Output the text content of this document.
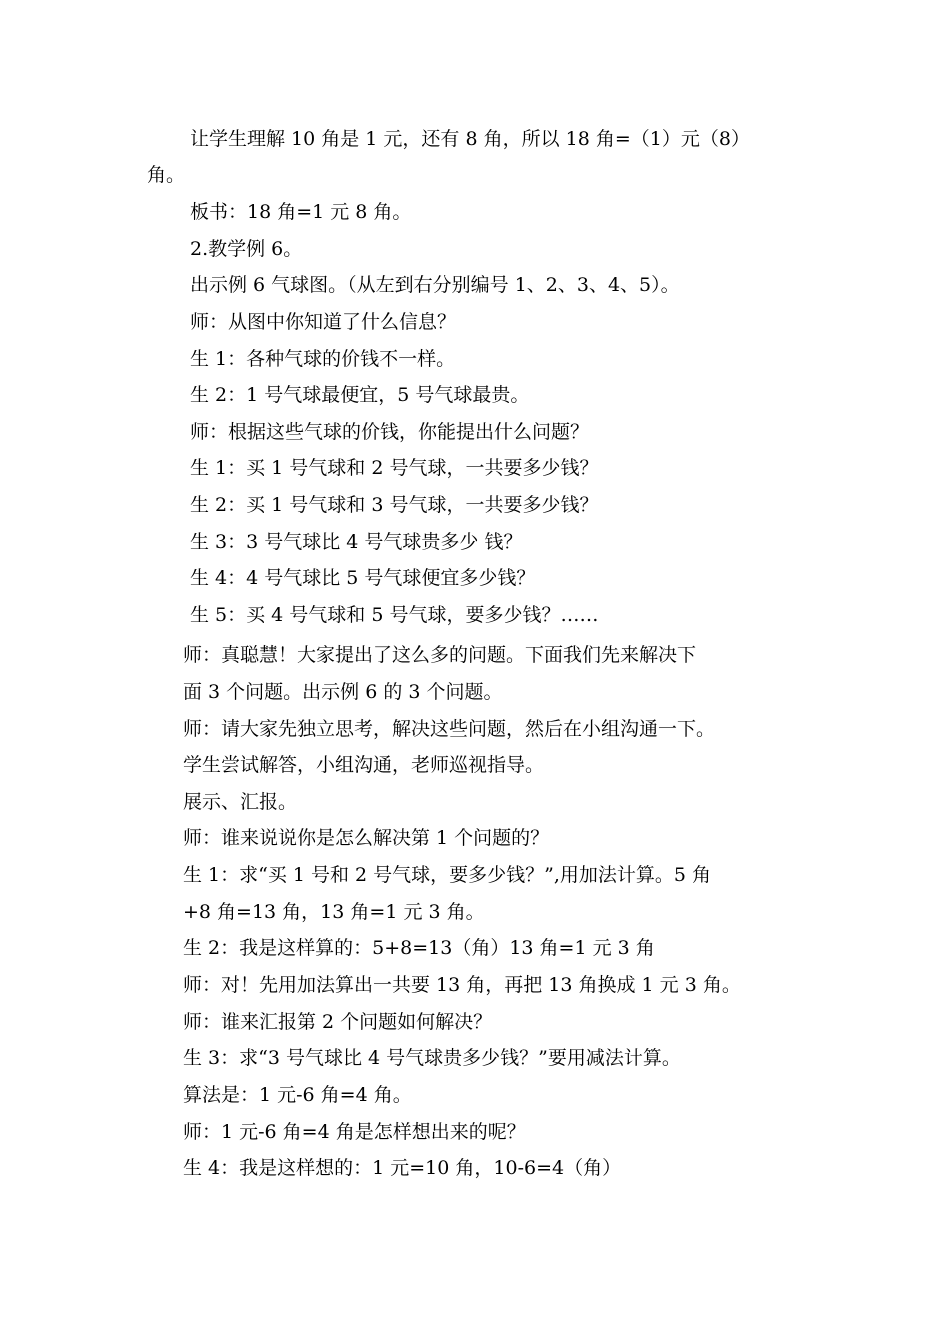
让学生理解 10 角是 1 元，还有 8 角，所以 18 角=（1）元（8）
角。
板书：18 角=1 元 8 角。
2.教学例 6。
出示例 6 气球图。（从左到右分别编号 1、2、3、4、5）。
师：从图中你知道了什么信息？
生 1：各种气球的价钱不一样。
生 2：1 号气球最便宜，5 号气球最贵。
师：根据这些气球的价钱，你能提出什么问题？
生 1：买 1 号气球和 2 号气球，一共要多少钱？
生 2：买 1 号气球和 3 号气球，一共要多少钱？
生 3：3 号气球比 4 号气球贵多少 钱？
生 4：4 号气球比 5 号气球便宜多少钱？
生 5：买 4 号气球和 5 号气球，要多少钱？……
师：真聪慧！大家提出了这么多的问题。下面我们先来解决下
面 3 个问题。出示例 6 的 3 个问题。
师：请大家先独立思考，解决这些问题，然后在小组沟通一下。
学生尝试解答，小组沟通，老师巡视指导。
展示、汇报。
师：谁来说说你是怎么解决第 1 个问题的？
生 1：求“买 1 号和 2 号气球，要多少钱？”,用加法计算。5 角
+8 角=13 角，13 角=1 元 3 角。
生 2：我是这样算的：5+8=13（角）13 角=1 元 3 角
师：对！先用加法算出一共要 13 角，再把 13 角换成 1 元 3 角。
师：谁来汇报第 2 个问题如何解决？
生 3：求“3 号气球比 4 号气球贵多少钱？”要用减法计算。
算法是：1 元-6 角=4 角。
师：1 元-6 角=4 角是怎样想出来的呢？
生 4：我是这样想的：1 元=10 角，10-6=4（角）
